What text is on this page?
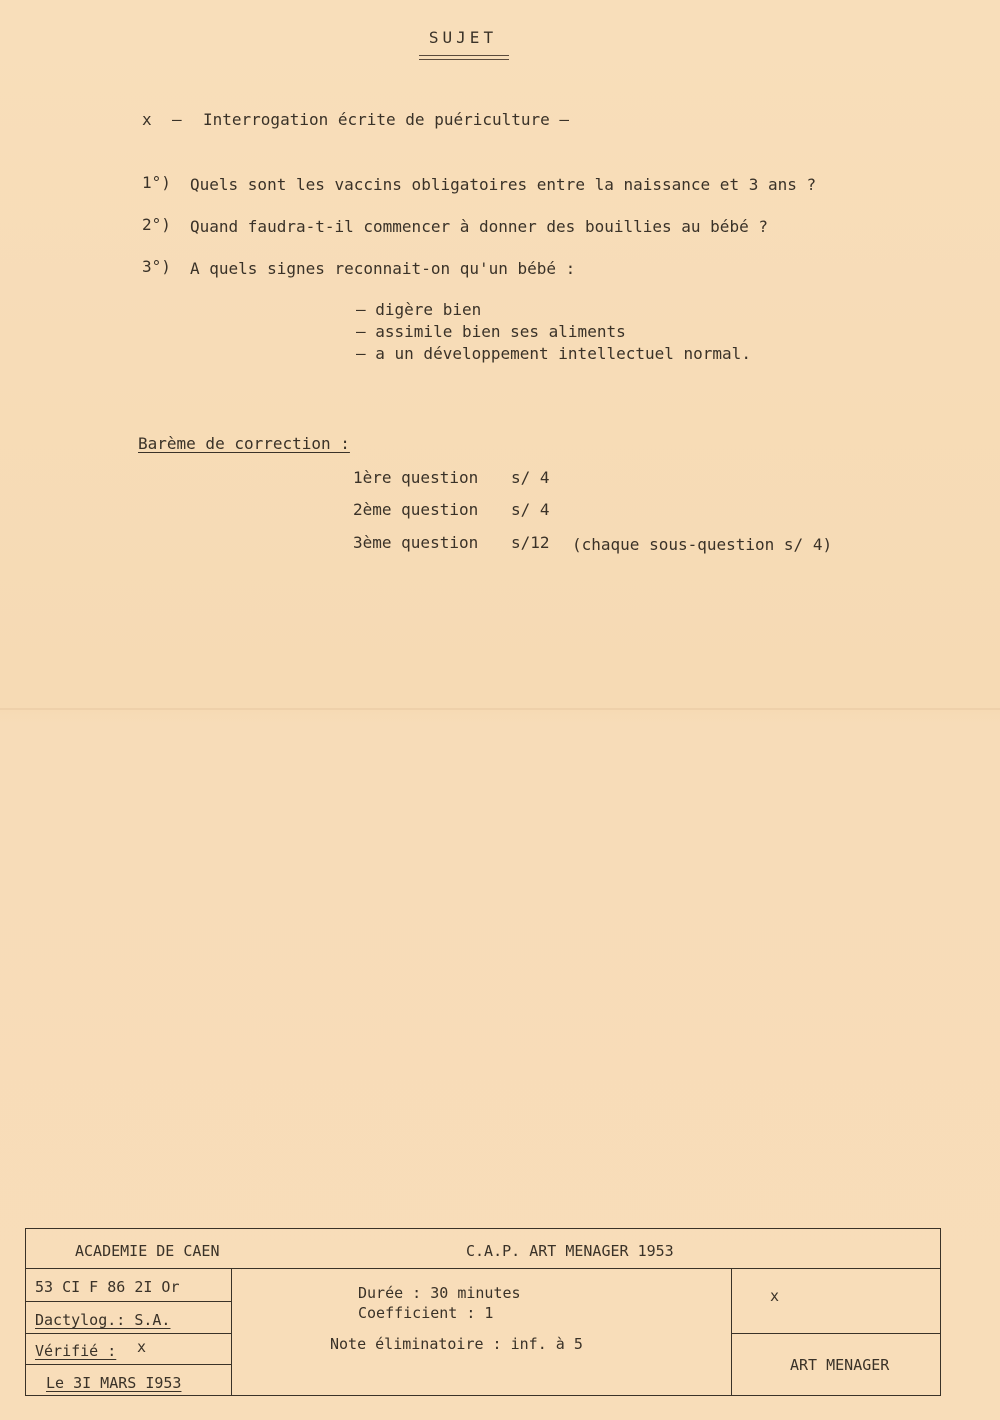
SUJET
x – Interrogation écrite de puériculture –
1°) Quels sont les vaccins obligatoires entre la naissance et 3 ans ?
2°) Quand faudra-t-il commencer à donner des bouillies au bébé ?
3°) A quels signes reconnait-on qu'un bébé :
– digère bien
– assimile bien ses aliments
– a un développement intellectuel normal.
Barème de correction :
1ère question s/ 4
2ème question s/ 4
3ème question s/12 (chaque sous-question s/ 4)
ACADEMIE DE CAEN	C.A.P. ART MENAGER 1953
53 CI F 86 2I Or
Dactylog.: S.A.
Vérifié : x
Le 3I MARS I953
Durée : 30 minutes
Coefficient : 1
Note éliminatoire : inf. à 5
x
ART MENAGER
